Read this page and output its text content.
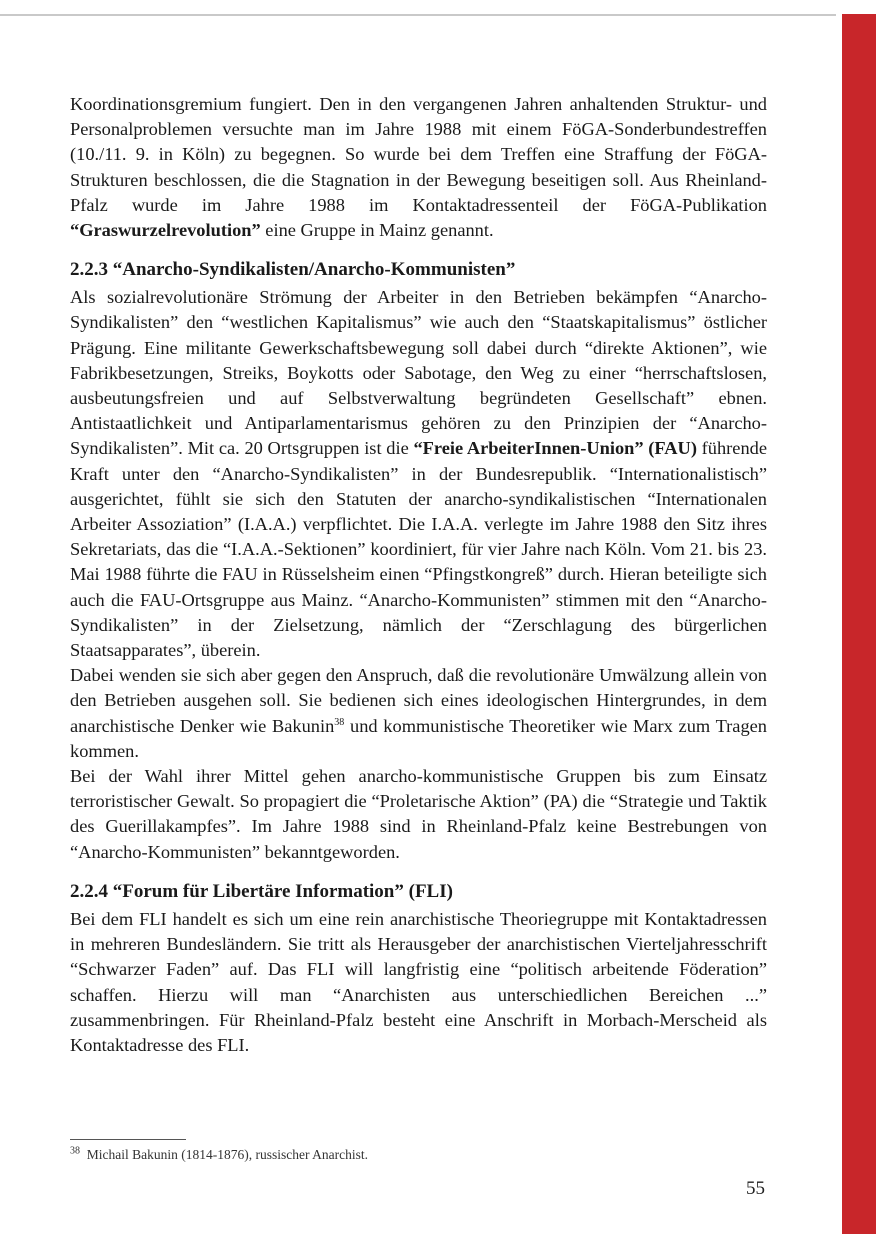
Koordinationsgremium fungiert. Den in den vergangenen Jahren anhaltenden Struktur- und Personalproblemen versuchte man im Jahre 1988 mit einem FöGA-Sonderbundestreffen (10./11. 9. in Köln) zu begegnen. So wurde bei dem Treffen eine Straffung der FöGA-Strukturen beschlossen, die die Stagnation in der Bewegung beseitigen soll. Aus Rheinland-Pfalz wurde im Jahre 1988 im Kontaktadressenteil der FöGA-Publikation “Graswurzelrevolution” eine Gruppe in Mainz genannt.

2.2.3 “Anarcho-Syndikalisten/Anarcho-Kommunisten”

Als sozialrevolutionäre Strömung der Arbeiter in den Betrieben bekämpfen “Anarcho-Syndikalisten” den “westlichen Kapitalismus” wie auch den “Staatskapitalismus” östlicher Prägung. Eine militante Gewerkschaftsbewegung soll dabei durch “direkte Aktionen”, wie Fabrikbesetzungen, Streiks, Boykotts oder Sabotage, den Weg zu einer “herrschaftslosen, ausbeutungsfreien und auf Selbstverwaltung begründeten Gesellschaft” ebnen. Antistaatlichkeit und Antiparlamentarismus gehören zu den Prinzipien der “Anarcho-Syndikalisten”. Mit ca. 20 Ortsgruppen ist die “Freie ArbeiterInnen-Union” (FAU) führende Kraft unter den “Anarcho-Syndikalisten” in der Bundesrepublik. “Internationalistisch” ausgerichtet, fühlt sie sich den Statuten der anarcho-syndikalistischen “Internationalen Arbeiter Assoziation” (I.A.A.) verpflichtet. Die I.A.A. verlegte im Jahre 1988 den Sitz ihres Sekretariats, das die “I.A.A.-Sektionen” koordiniert, für vier Jahre nach Köln. Vom 21. bis 23. Mai 1988 führte die FAU in Rüsselsheim einen “Pfingstkongreß” durch. Hieran beteiligte sich auch die FAU-Ortsgruppe aus Mainz. “Anarcho-Kommunisten” stimmen mit den “Anarcho-Syndikalisten” in der Zielsetzung, nämlich der “Zerschlagung des bürgerlichen Staatsapparates”, überein.

Dabei wenden sie sich aber gegen den Anspruch, daß die revolutionäre Umwälzung allein von den Betrieben ausgehen soll. Sie bedienen sich eines ideologischen Hintergrundes, in dem anarchistische Denker wie Bakunin$^{38}$ und kommunistische Theoretiker wie Marx zum Tragen kommen.

Bei der Wahl ihrer Mittel gehen anarcho-kommunistische Gruppen bis zum Einsatz terroristischer Gewalt. So propagiert die “Proletarische Aktion” (PA) die “Strategie und Taktik des Guerillakampfes”. Im Jahre 1988 sind in Rheinland-Pfalz keine Bestrebungen von “Anarcho-Kommunisten” bekanntgeworden.

2.2.4 “Forum für Libertäre Information” (FLI)

Bei dem FLI handelt es sich um eine rein anarchistische Theoriegruppe mit Kontaktadressen in mehreren Bundesländern. Sie tritt als Herausgeber der anarchistischen Vierteljahresschrift “Schwarzer Faden” auf. Das FLI will langfristig eine “politisch arbeitende Föderation” schaffen. Hierzu will man “Anarchisten aus unterschiedlichen Bereichen ...” zusammenbringen. Für Rheinland-Pfalz besteht eine Anschrift in Morbach-Merscheid als Kontaktadresse des FLI.

$^{38}$ Michail Bakunin (1814-1876), russischer Anarchist.
55
